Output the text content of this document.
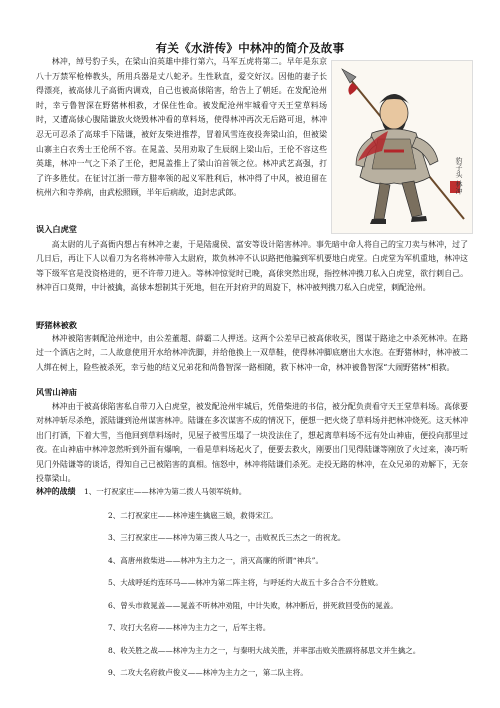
有关《水浒传》中林冲的简介及故事

林冲，绰号豹子头，在梁山泊英雄中排行第六，马军五虎将第二。早年是东京八十万禁军枪棒教头，所用兵器是丈八蛇矛。生性耿直，爱交好汉。因他的妻子长得漂亮，被高俅儿子高衙内调戏，自己也被高俅陷害，给告上了朝廷。在发配沧州时，幸亏鲁智深在野猪林相救，才保住性命。被发配沧州牢城看守天王堂草料场时，又遭高俅心腹陆谦放火烧毁林冲看的草料场，使得林冲再次无后路可退，林冲忍无可忍杀了高球手下陆谦，被好友柴进推荐，冒着风雪连夜投奔梁山泊，但被梁山寨主白衣秀士王伦所不容。在晁盖、吴用劝取了生辰纲上梁山后，王伦不容这些英雄，林冲一气之下杀了王伦，把晁盖推上了梁山泊首领之位。林冲武艺高强，打了许多胜仗。在征讨江浙一带方腊率领的起义军胜利后，林冲得了中风，被迫留在杭州六和寺养病，由武松照顾，半年后病故，追封忠武郎。	豹子头 林冲
误入白虎堂

高太尉的儿子高衙内想占有林冲之妻，于是陆虞侯、富安等设计陷害林冲。事先暗中命人将自己的宝刀卖与林冲，过了几日后，再让下人以看刀为名将林冲带入太尉府，欺负林冲不认识路把他骗到军机要地白虎堂。白虎堂为军机重地，林冲这等下级军官是没资格进的，更不许带刀进入。等林冲惊觉时已晚，高俅突然出现，指控林冲携刀私入白虎堂，欲行刺自己。林冲百口莫辩，中计被擒，高俅本想制其于死地，但在开封府尹的周旋下，林冲被判携刀私入白虎堂，刺配沧州。

野猪林被救

林冲被陷害刺配沧州途中，由公差董超、薛霸二人押送。这两个公差早已被高俅收买，图谋于路途之中杀死林冲。在路过一个酒店之时，二人故意使用开水给林冲洗脚，并给他换上一双草鞋，使得林冲脚底磨出大水泡。在野猪林时，林冲被二人绑在树上，险些被杀死，幸亏他的结义兄弟花和尚鲁智深一路相随，救下林冲一命，林冲被鲁智深“大闹野猪林”相救。

风雪山神庙

林冲由于被高俅陷害私自带刀入白虎堂，被发配沧州牢城后，凭借柴进的书信，被分配负责看守天王堂草料场。高俅要对林冲斩尽杀绝，派陆谦到沧州谋害林冲。陆谦在多次谋害不成的情况下，便想一把火烧了草料场并把林冲烧死。这天林冲出门打酒，下着大雪，当他回到草料场时，见屋子被雪压塌了一块没法住了，想起离草料场不远有处山神庙，便投向那里过夜。在山神庙中林冲忽然听到外面有爆响，一看是草料场起火了，便要去救火，刚要出门见得陆谦等刚放了火过来，凑巧听见门外陆谦等的谈话，得知自己已被陷害的真相。恼怒中，林冲将陆谦们杀死。走投无路的林冲，在众兄弟的劝解下，无奈投靠梁山。

林冲的战绩 1、一打祝家庄——林冲为第二拨人马领军统帅。
2、二打祝家庄——林冲速生擒扈三娘，救得宋江。
3、三打祝家庄——林冲为第三拨人马之一，击败祝氏三杰之一的祝龙。
4、高唐州救柴进——林冲为主力之一，消灭高廉的所谓“神兵”。
5、大战呼延灼连环马——林冲为第二阵主将，与呼延灼大战五十多合合不分胜败。
6、曾头市救晁盖——晁盖不听林冲劝阻，中计失败，林冲断后，拼死救回受伤的晁盖。
7、攻打大名府——林冲为主力之一，后军主将。
8、收关胜之战——林冲为主力之一，与秦明大战关胜，并率部击败关胜副将郝思文并生擒之。
9、二攻大名府救卢俊义——林冲为主力之一，第二队主将。
